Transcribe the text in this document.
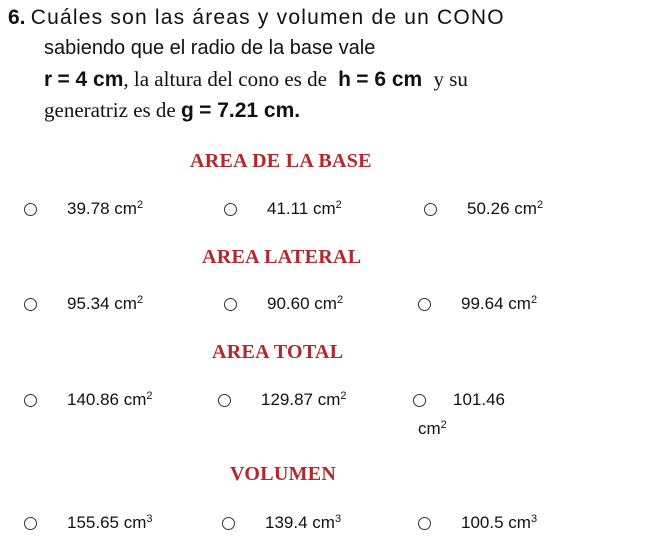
6. Cuáles son las áreas y volumen de un CONO
sabiendo que el radio de la base vale
r = 4 cm, la altura del cono es de h = 6 cm y su
generatriz es de g = 7.21 cm.
AREA DE LA BASE
39.78 $cm^2$	41.11 $cm^2$	50.26 $cm^2$
AREA LATERAL
95.34 $cm^2$	90.60 $cm^2$	99.64 $cm^2$
AREA TOTAL
140.86 $cm^2$	129.87 $cm^2$	101.46
$cm^2$
VOLUMEN
155.65 $cm^3$	139.4 $cm^3$	100.5 $cm^3$
